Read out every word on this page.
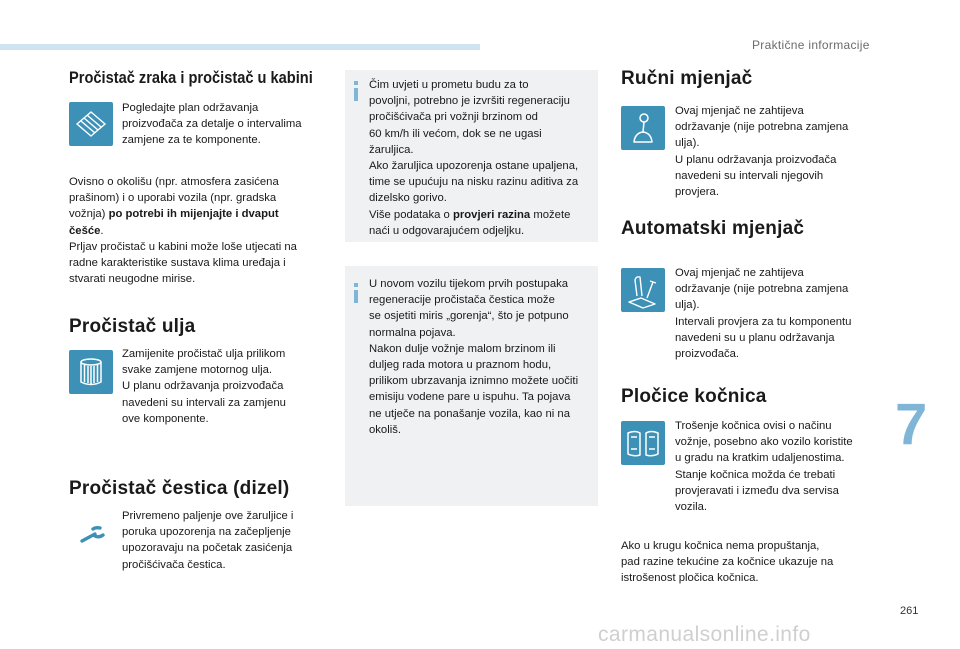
Praktične informacije
7
261
carmanualsonline.info
Pročistač zraka i pročistač u kabini

Pogledajte plan održavanja

proizvođača za detalje o intervalima

zamjene za te komponente.

Ovisno o okolišu (npr. atmosfera zasićena

prašinom) i o uporabi vozila (npr. gradska

vožnja) po potrebi ih mijenjajte i dvaput

češće.

Prljav pročistač u kabini može loše utjecati na

radne karakteristike sustava klima uređaja i

stvarati neugodne mirise.

Pročistač ulja

Zamijenite pročistač ulja prilikom

svake zamjene motornog ulja.

U planu održavanja proizvođača

navedeni su intervali za zamjenu

ove komponente.

Pročistač čestica (dizel)

Privremeno paljenje ove žaruljice i

poruka upozorenja na začepljenje

upozoravaju na početak zasićenja

pročišćivača čestica.

Čim uvjeti u prometu budu za to

povoljni, potrebno je izvršiti regeneraciju

pročišćivača pri vožnji brzinom od

60 km/h ili većom, dok se ne ugasi

žaruljica.

Ako žaruljica upozorenja ostane upaljena,

time se upućuju na nisku razinu aditiva za

dizelsko gorivo.

Više podataka o provjeri razina možete

naći u odgovarajućem odjeljku.

U novom vozilu tijekom prvih postupaka

regeneracije pročistača čestica može

se osjetiti miris „gorenja“, što je potpuno

normalna pojava.

Nakon dulje vožnje malom brzinom ili

duljeg rada motora u praznom hodu,

prilikom ubrzavanja iznimno možete uočiti

emisiju vodene pare u ispuhu. Ta pojava

ne utječe na ponašanje vozila, kao ni na

okoliš.

Ručni mjenjač

Ovaj mjenjač ne zahtijeva

održavanje (nije potrebna zamjena

ulja).

U planu održavanja proizvođača

navedeni su intervali njegovih

provjera.

Automatski mjenjač

Ovaj mjenjač ne zahtijeva

održavanje (nije potrebna zamjena

ulja).

Intervali provjera za tu komponentu

navedeni su u planu održavanja

proizvođača.

Pločice kočnica

Trošenje kočnica ovisi o načinu

vožnje, posebno ako vozilo koristite

u gradu na kratkim udaljenostima.

Stanje kočnica možda će trebati

provjeravati i između dva servisa

vozila.

Ako u krugu kočnica nema propuštanja,

pad razine tekućine za kočnice ukazuje na

istrošenost pločica kočnica.
